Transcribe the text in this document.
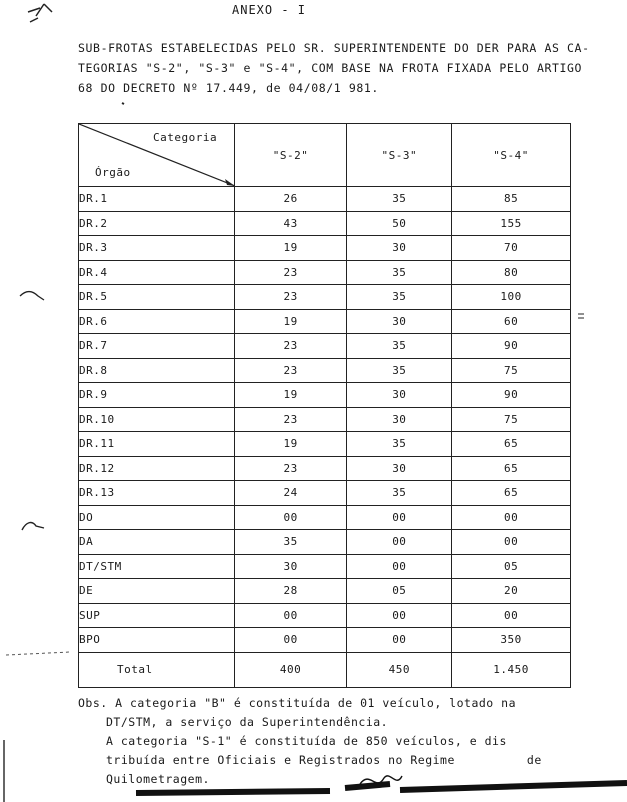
ANEXO - I
SUB-FROTAS ESTABELECIDAS PELO SR. SUPERINTENDENTE DO DER PARA AS CA-
TEGORIAS "S-2", "S-3" e "S-4", COM BASE NA FROTA FIXADA PELO ARTIGO
68 DO DECRETO Nº 17.449, de 04/08/1 981.
Categoria
Órgão	"S-2"	"S-3"	"S-4"
DR.1	26	35	85
DR.2	43	50	155
DR.3	19	30	70
DR.4	23	35	80
DR.5	23	35	100
DR.6	19	30	60
DR.7	23	35	90
DR.8	23	35	75
DR.9	19	30	90
DR.10	23	30	75
DR.11	19	35	65
DR.12	23	30	65
DR.13	24	35	65
DO	00	00	00
DA	35	00	00
DT/STM	30	00	05
DE	28	05	20
SUP	00	00	00
BPO	00	00	350
Total	400	450	1.450
Obs. A categoria "B" é constituída de 01 veículo, lotado na
DT/STM, a serviço da Superintendência.
A categoria "S-1" é constituída de 850 veículos, e dis
tribuída entre Oficiais e Registrados no Regime	de
Quilometragem.
